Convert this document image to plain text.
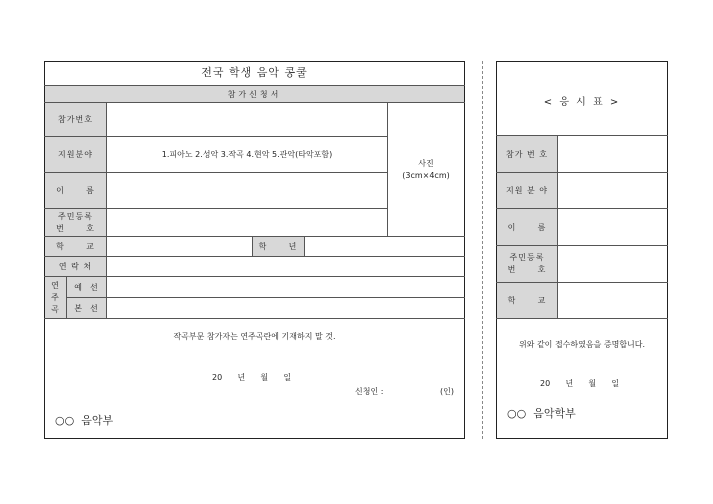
전국 학생 음악 콩쿨
참가신청서
참가번호
지원분야
이      름
주민등록
번      호
학      교	학      년
연 락 처
연
주
곡
예  선
본  선
1.피아노 2.성악 3.작곡 4.현악 5.관악(타악포함)
사진
(3cm×4cm)
작곡부문 참가자는 연주곡란에 기재하지 말 것.
20      년      월      일
신청인 :	(인)
○○  음악부
< 응 시 표 >
참가 번 호
지원 분 야
이      름
주민등록
번      호
학      교
위와 같이 접수하였음을 증명합니다.
20      년      월      일
○○  음악학부
